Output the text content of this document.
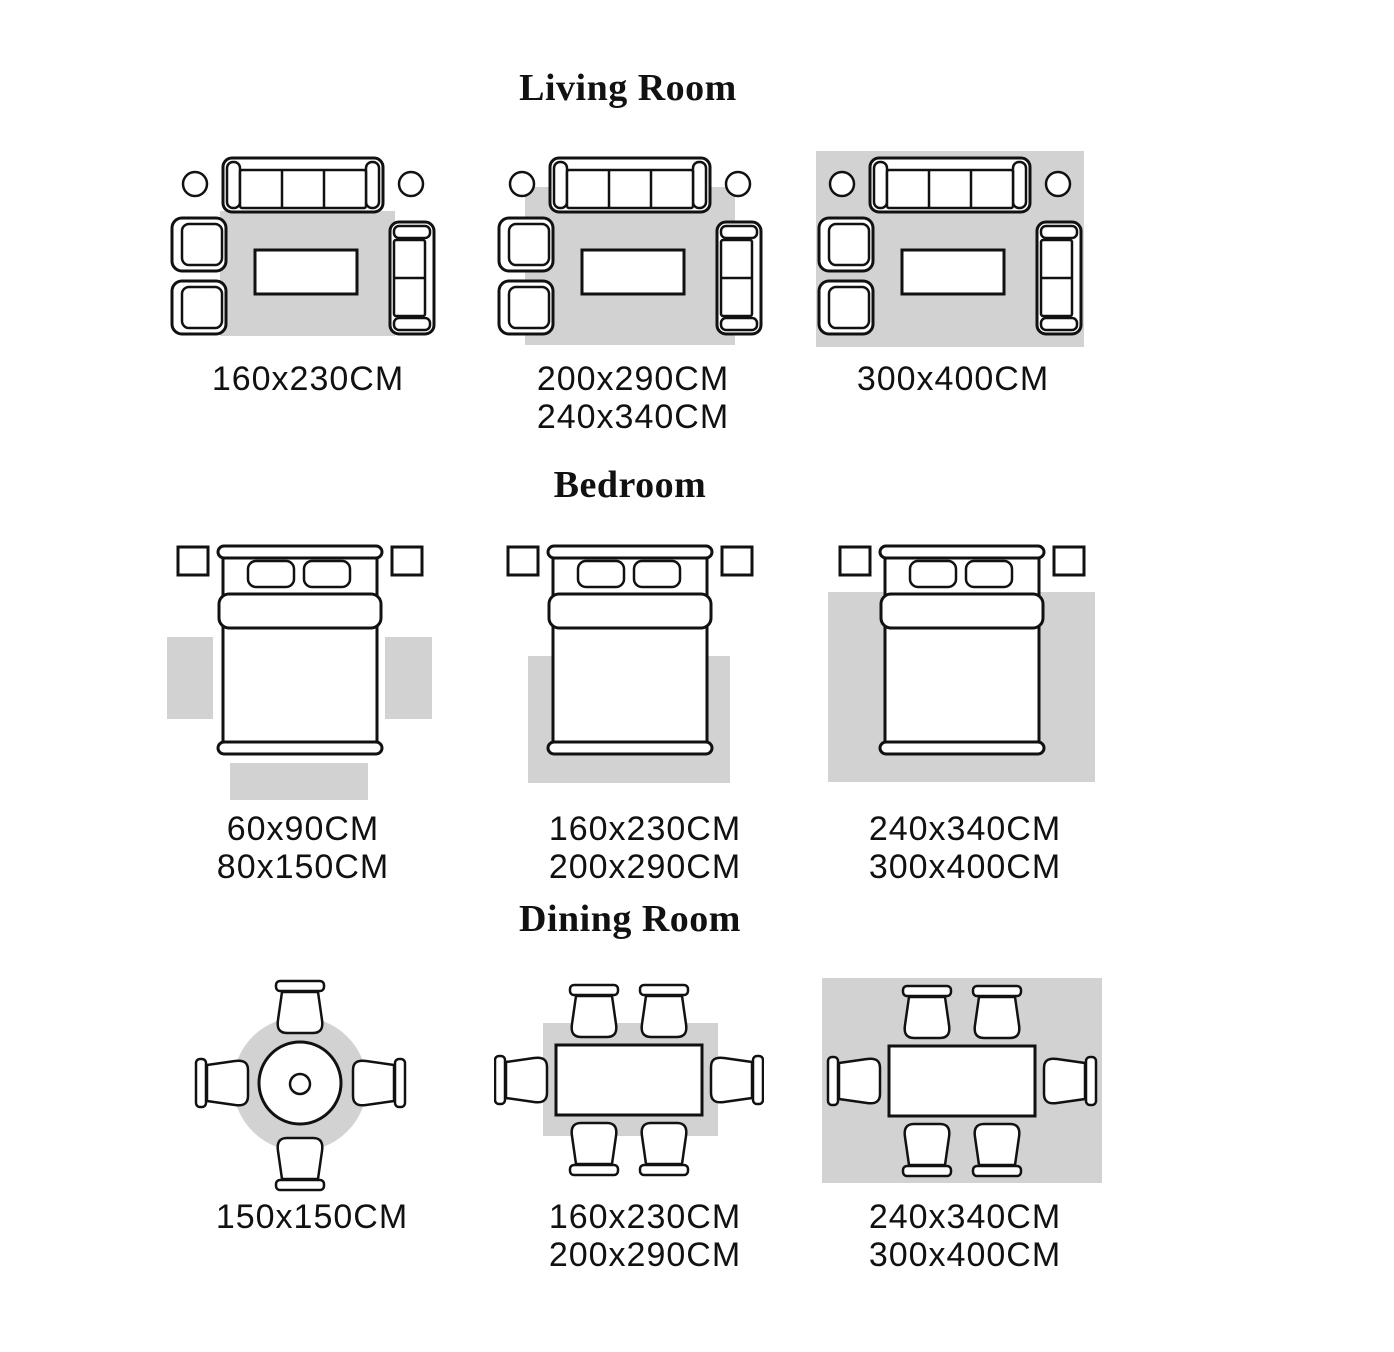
Living Room
160x230CM	200x290CM
240x340CM
300x400CM
Bedroom
60x90CM
80x150CM
160x230CM
200x290CM
240x340CM
300x400CM
Dining Room
150x150CM	160x230CM
200x290CM
240x340CM
300x400CM
